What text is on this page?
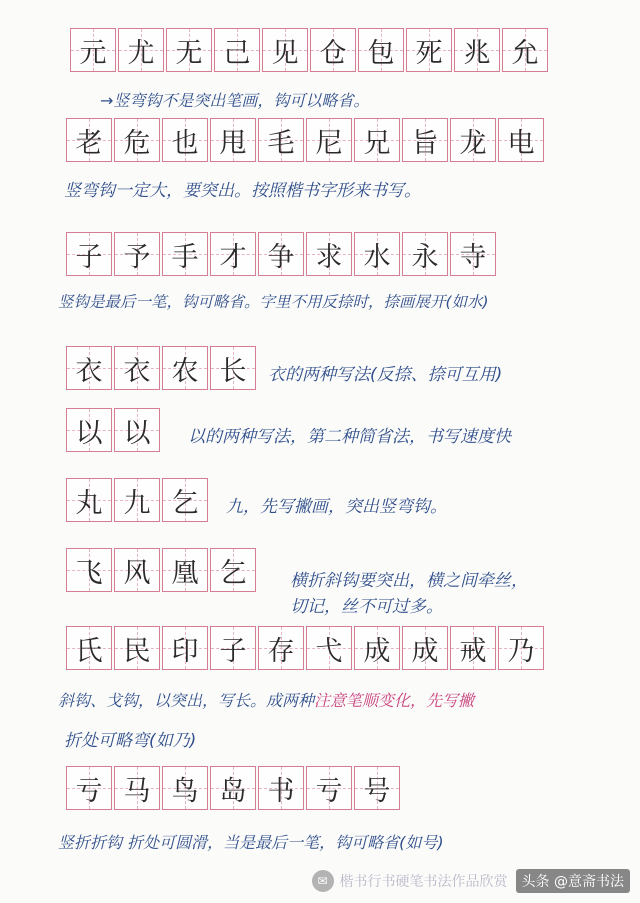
元 尤 无 己 见 仓 包 死 兆 允
→竖弯钩不是突出笔画，钩可以略省。
老 危 也 甩 毛 尼 兄 旨 龙 电
竖弯钩一定大，要突出。按照楷书字形来书写。
子 予 手 才 争 求 水 永 寺
竖钩是最后一笔，钩可略省。字里不用反捺时，捺画展开(如水)
衣 衣 农 长 衣的两种写法(反捺、捺可互用)
以 以 以的两种写法，第二种简省法，书写速度快
丸 九 乞 九，先写撇画，突出竖弯钩。
飞 风 凰 乞	横折斜钩要突出，横之间牵丝，
切记，丝不可过多。
氏 民 印 子 存 弋 成 成 戒 乃
斜钩、戈钩，以突出，写长。成两种注意笔顺变化，先写撇
折处可略弯(如乃)
亏 马 鸟 岛 书 亏 号
竖折折钩 折处可圆滑，当是最后一笔，钩可略省(如号)
✉ 楷书行书硬笔书法作品欣赏	头条 @意斋书法
